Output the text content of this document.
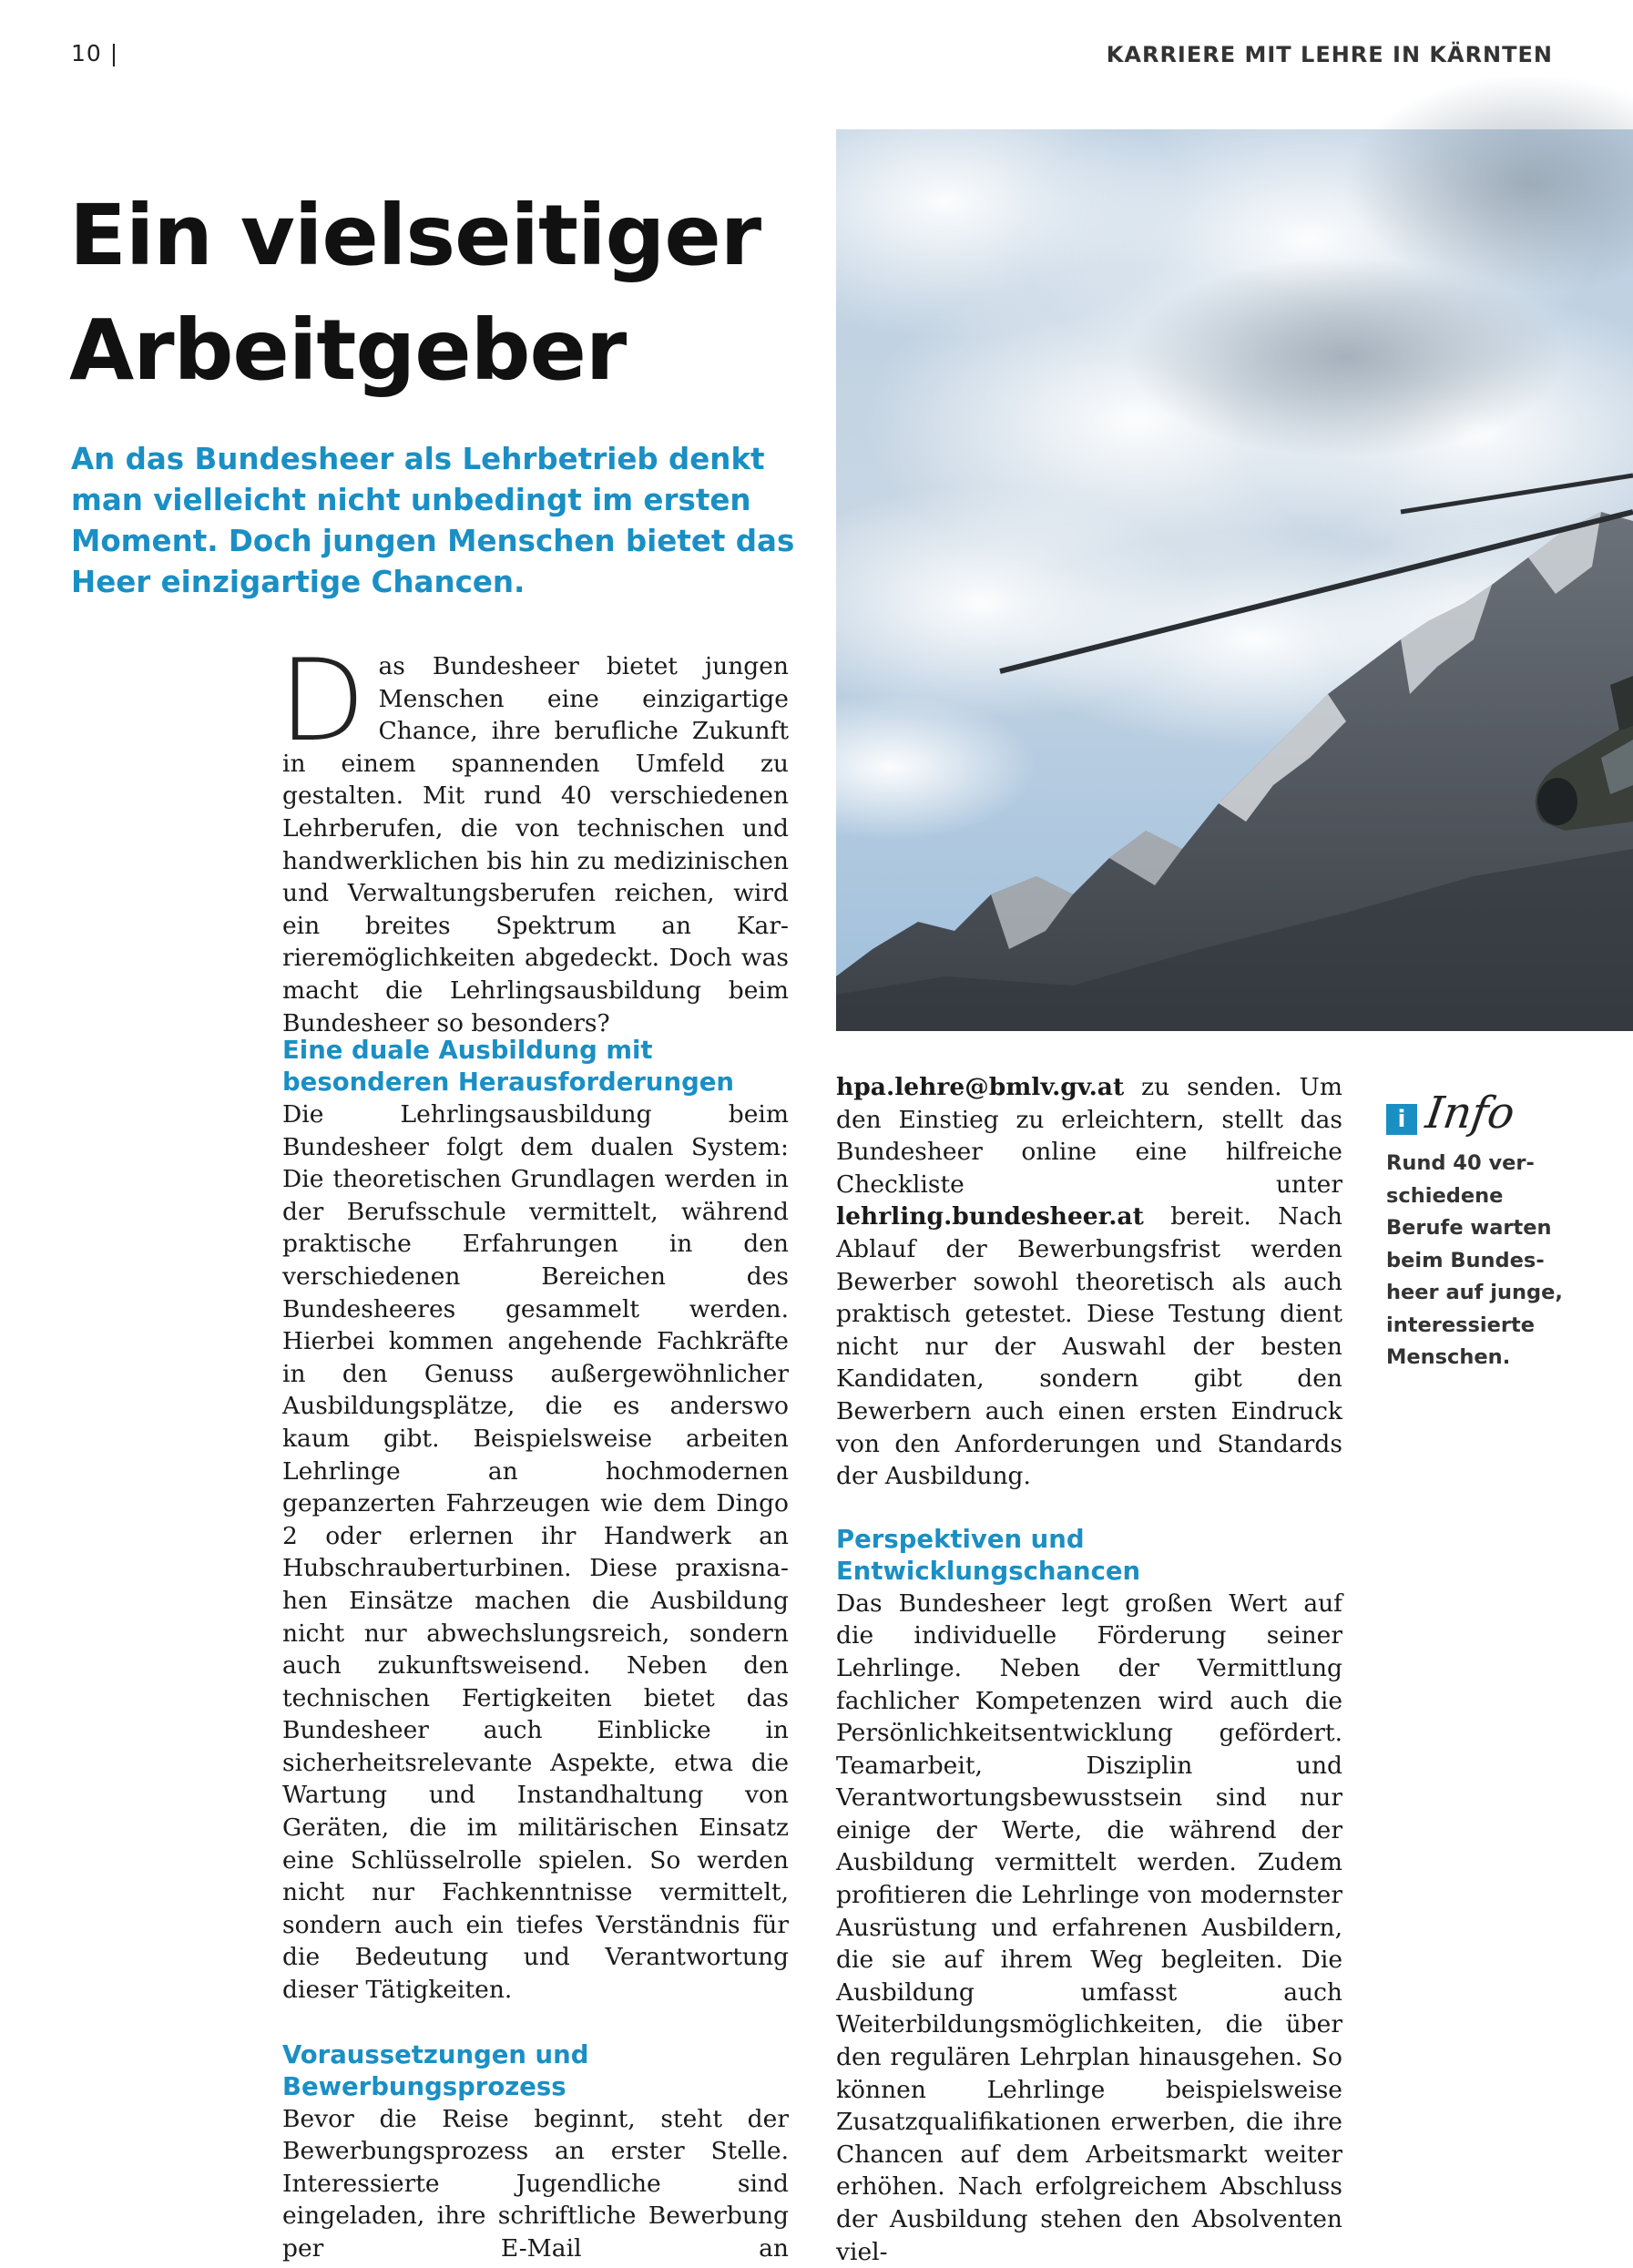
10 |	KARRIERE MIT LEHRE IN KÄRNTEN
Ein vielseitiger
Arbeitgeber
An das Bundesheer als Lehrbetrieb denkt man vielleicht nicht unbedingt im ersten Moment. Doch jungen Menschen bietet das Heer einzigartige Chancen.
Das Bundesheer bietet jungen Menschen eine einzigartige Chance, ihre berufliche Zukunft in einem spannenden Umfeld zu gestalten. Mit rund 40 verschiedenen Lehrberufen, die von technischen und handwerklichen bis hin zu medizinischen und Verwaltungsberufen reichen, wird ein breites Spektrum an Karrieremöglichkeiten abgedeckt. Doch was macht die Lehrlingsausbildung beim Bundesheer so besonders?
Eine duale Ausbildung mit
besonderen Herausforderungen

Die Lehrlingsausbildung beim Bundesheer folgt dem dualen System: Die theoretischen Grundlagen werden in der Berufsschule vermittelt, während praktische Erfahrungen in den verschiedenen Bereichen des Bundesheeres gesammelt werden. Hierbei kommen angehende Fachkräfte in den Genuss außergewöhnlicher Ausbildungsplätze, die es anderswo kaum gibt. Beispielsweise arbeiten Lehrlinge an hochmodernen gepanzerten Fahrzeugen wie dem Dingo 2 oder erlernen ihr Handwerk an Hubschrauberturbinen. Diese praxisnahen Einsätze machen die Ausbildung nicht nur abwechslungsreich, sondern auch zukunftsweisend. Neben den technischen Fertigkeiten bietet das Bundesheer auch Einblicke in sicherheitsrelevante Aspekte, etwa die Wartung und Instandhaltung von Geräten, die im militärischen Einsatz eine Schlüsselrolle spielen. So werden nicht nur Fachkenntnisse vermittelt, sondern auch ein tiefes Verständnis für die Bedeutung und Verantwortung dieser Tätigkeiten.

Voraussetzungen und
Bewerbungsprozess

Bevor die Reise beginnt, steht der Bewerbungsprozess an erster Stelle. Interessierte Jugendliche sind eingeladen, ihre schriftliche Bewerbung per E-Mail an

hpa.lehre@bmlv.gv.at zu senden. Um den Einstieg zu erleichtern, stellt das Bundesheer online eine hilfreiche Checkliste unter lehrling.bundesheer.at bereit. Nach Ablauf der Bewerbungsfrist werden Bewerber sowohl theoretisch als auch praktisch getestet. Diese Testung dient nicht nur der Auswahl der besten Kandidaten, sondern gibt den Bewerbern auch einen ersten Eindruck von den Anforderungen und Standards der Ausbildung.

Perspektiven und
Entwicklungschancen

Das Bundesheer legt großen Wert auf die individuelle Förderung seiner Lehrlinge. Neben der Vermittlung fachlicher Kompetenzen wird auch die Persönlichkeitsentwicklung gefördert. Teamarbeit, Disziplin und Verantwortungsbewusstsein sind nur einige der Werte, die während der Ausbildung vermittelt werden. Zudem profitieren die Lehrlinge von modernster Ausrüstung und erfahrenen Ausbildern, die sie auf ihrem Weg begleiten. Die Ausbildung umfasst auch Weiterbildungsmöglichkeiten, die über den regulären Lehrplan hinausgehen. So können Lehrlinge beispielsweise Zusatzqualifikationen erwerben, die ihre Chancen auf dem Arbeitsmarkt weiter erhöhen. Nach erfolgreichem Abschluss der Ausbildung stehen den Absolventen viel-

i Info
Rund 40 verschiedene Berufe warten beim Bundesheer auf junge, interessierte Menschen.
